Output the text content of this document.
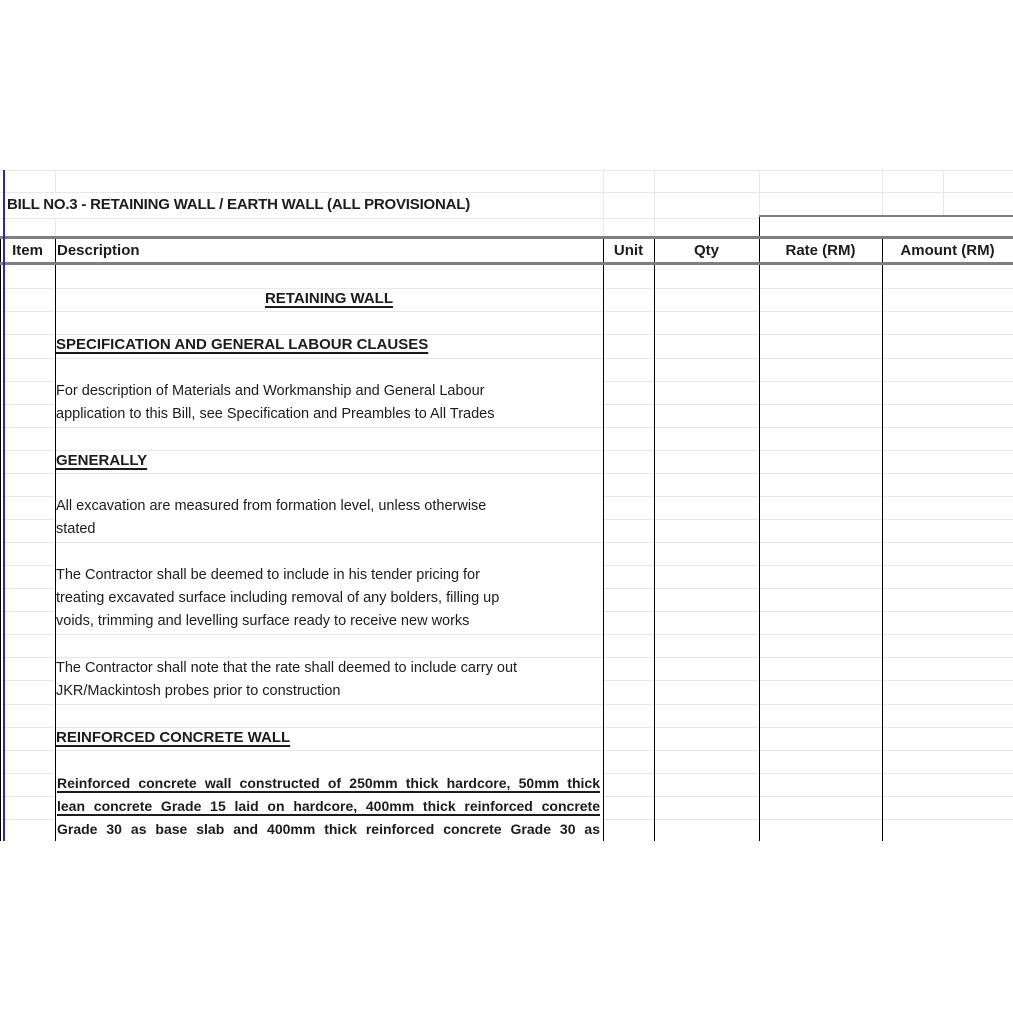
BILL NO.3 - RETAINING WALL / EARTH WALL (ALL PROVISIONAL)
Item Description	Unit	Qty	Rate (RM)	Amount (RM)
RETAINING WALL
SPECIFICATION AND GENERAL LABOUR CLAUSES
For description of Materials and Workmanship and General Labour
application to this Bill, see Specification and Preambles to All Trades
GENERALLY
All excavation are measured from formation level, unless otherwise
stated
The Contractor shall be deemed to include in his tender pricing for
treating excavated surface including removal of any bolders, filling up
voids, trimming and levelling surface ready to receive new works
The Contractor shall note that the rate shall deemed to include carry out
JKR/Mackintosh probes prior to construction
REINFORCED CONCRETE WALL
Reinforced concrete wall constructed of 250mm thick hardcore, 50mm thick
lean concrete Grade 15 laid on hardcore, 400mm thick reinforced concrete
Grade 30 as base slab and 400mm thick reinforced concrete Grade 30 as
